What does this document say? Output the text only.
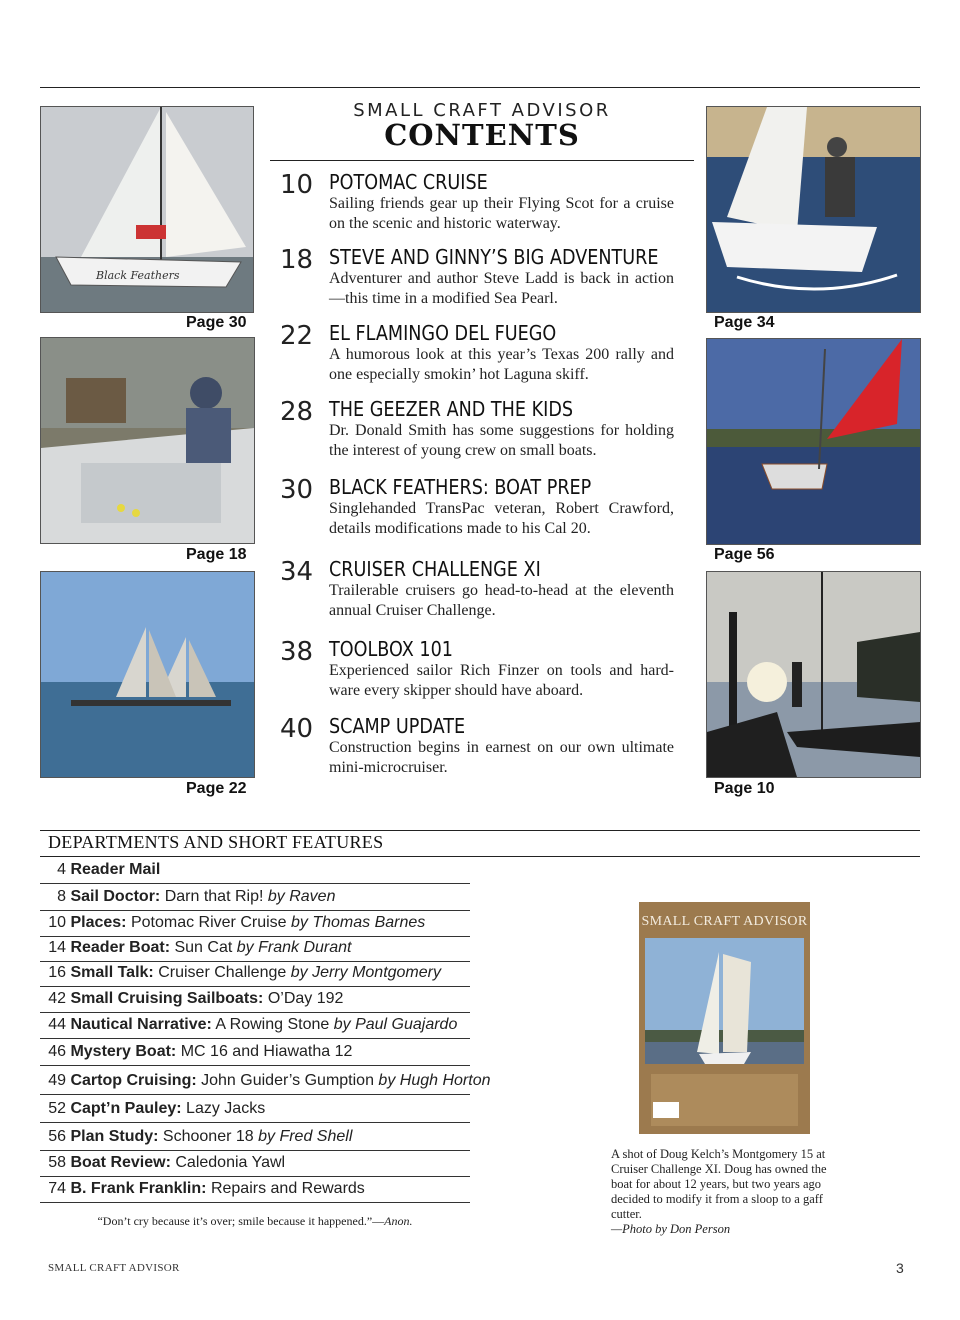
SMALL CRAFT ADVISOR
CONTENTS
Black Feathers
Page 30
Page 18
Page 22
Page 34
Page 56
Page 10
10 POTOMAC CRUISE
Sailing friends gear up their Flying Scot for a cruise on the scenic and historic waterway.
18 STEVE AND GINNY’S BIG ADVENTURE
Adventurer and author Steve Ladd is back in action—this time in a modified Sea Pearl.
22 EL FLAMINGO DEL FUEGO
A humorous look at this year’s Texas 200 rally and one especially smokin’ hot Laguna skiff.
28 THE GEEZER AND THE KIDS
Dr. Donald Smith has some suggestions for holding the interest of young crew on small boats.
30 BLACK FEATHERS: BOAT PREP
Singlehanded TransPac veteran, Robert Crawford, details modifications made to his Cal 20.
34 CRUISER CHALLENGE XI
Trailerable cruisers go head-to-head at the eleventh annual Cruiser Challenge.
38 TOOLBOX 101
Experienced sailor Rich Finzer on tools and hard-ware every skipper should have aboard.
40 SCAMP UPDATE
Construction begins in earnest on our own ultimate mini-microcruiser.
DEPARTMENTS AND SHORT FEATURES
4 Reader Mail
8 Sail Doctor: Darn that Rip! by Raven
10 Places: Potomac River Cruise by Thomas Barnes
14 Reader Boat: Sun Cat by Frank Durant
16 Small Talk: Cruiser Challenge by Jerry Montgomery
42 Small Cruising Sailboats: O’Day 192
44 Nautical Narrative: A Rowing Stone by Paul Guajardo
46 Mystery Boat: MC 16 and Hiawatha 12
49 Cartop Cruising: John Guider’s Gumption by Hugh Horton
52 Capt’n Pauley: Lazy Jacks
56 Plan Study: Schooner 18 by Fred Shell
58 Boat Review: Caledonia Yawl
74 B. Frank Franklin: Repairs and Rewards
“Don’t cry because it’s over; smile because it happened.”—Anon.
SMALL CRAFT ADVISOR
A shot of Doug Kelch’s Montgomery 15 at Cruiser Challenge XI. Doug has owned the boat for about 12 years, but two years ago decided to modify it from a sloop to a gaff cutter.
—Photo by Don Person
SMALL CRAFT ADVISOR	3
